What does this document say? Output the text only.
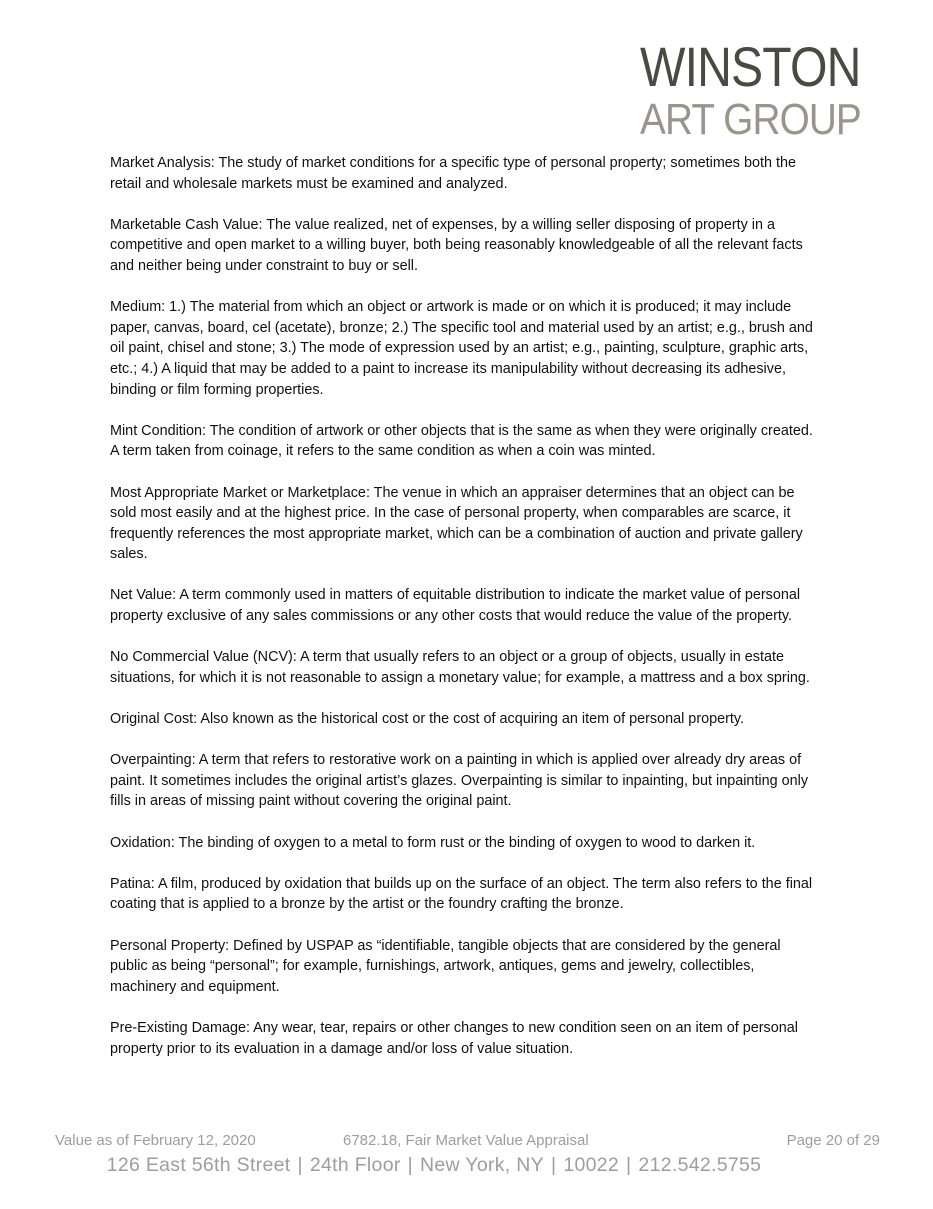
WINSTON
ART GROUP

Market Analysis: The study of market conditions for a specific type of personal property; sometimes both the retail and wholesale markets must be examined and analyzed.

Marketable Cash Value: The value realized, net of expenses, by a willing seller disposing of property in a competitive and open market to a willing buyer, both being reasonably knowledgeable of all the relevant facts and neither being under constraint to buy or sell.

Medium: 1.) The material from which an object or artwork is made or on which it is produced; it may include paper, canvas, board, cel (acetate), bronze; 2.) The specific tool and material used by an artist; e.g., brush and oil paint, chisel and stone; 3.) The mode of expression used by an artist; e.g., painting, sculpture, graphic arts, etc.; 4.) A liquid that may be added to a paint to increase its manipulability without decreasing its adhesive, binding or film forming properties.

Mint Condition: The condition of artwork or other objects that is the same as when they were originally created. A term taken from coinage, it refers to the same condition as when a coin was minted.

Most Appropriate Market or Marketplace: The venue in which an appraiser determines that an object can be sold most easily and at the highest price. In the case of personal property, when comparables are scarce, it frequently references the most appropriate market, which can be a combination of auction and private gallery sales.

Net Value: A term commonly used in matters of equitable distribution to indicate the market value of personal property exclusive of any sales commissions or any other costs that would reduce the value of the property.

No Commercial Value (NCV): A term that usually refers to an object or a group of objects, usually in estate situations, for which it is not reasonable to assign a monetary value; for example, a mattress and a box spring.

Original Cost: Also known as the historical cost or the cost of acquiring an item of personal property.

Overpainting: A term that refers to restorative work on a painting in which is applied over already dry areas of paint. It sometimes includes the original artist’s glazes. Overpainting is similar to inpainting, but inpainting only fills in areas of missing paint without covering the original paint.

Oxidation: The binding of oxygen to a metal to form rust or the binding of oxygen to wood to darken it.

Patina: A film, produced by oxidation that builds up on the surface of an object. The term also refers to the final coating that is applied to a bronze by the artist or the foundry crafting the bronze.

Personal Property: Defined by USPAP as “identifiable, tangible objects that are considered by the general public as being “personal”; for example, furnishings, artwork, antiques, gems and jewelry, collectibles, machinery and equipment.

Pre-Existing Damage: Any wear, tear, repairs or other changes to new condition seen on an item of personal property prior to its evaluation in a damage and/or loss of value situation.

Value as of February 12, 2020	6782.18, Fair Market Value Appraisal	Page 20 of 29
126 East 56th Street | 24th Floor | New York, NY | 10022 | 212.542.5755
